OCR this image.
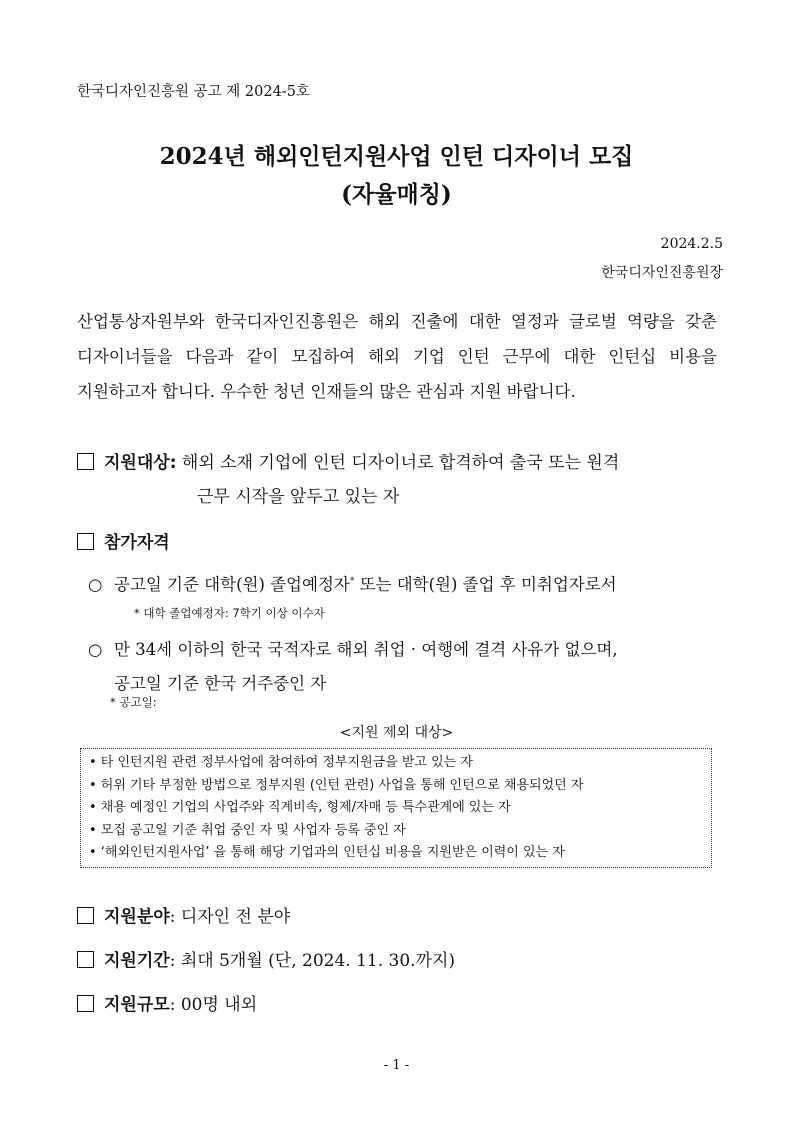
한국디자인진흥원 공고 제 2024-5호
2024년 해외인턴지원사업 인턴 디자이너 모집
(자율매칭)
2024.2.5
한국디자인진흥원장
산업통상자원부와 한국디자인진흥원은 해외 진출에 대한 열정과 글로벌 역량을 갖춘 디자이너들을 다음과 같이 모집하여 해외 기업 인턴 근무에 대한 인턴십 비용을 지원하고자 합니다. 우수한 청년 인재들의 많은 관심과 지원 바랍니다.
지원대상: 해외 소재 기업에 인턴 디자이너로 합격하여 출국 또는 원격
근무 시작을 앞두고 있는 자
참가자격
○ 공고일 기준 대학(원) 졸업예정자* 또는 대학(원) 졸업 후 미취업자로서
* 대학 졸업예정자: 7학기 이상 이수자
○ 만 34세 이하의 한국 국적자로 해외 취업 · 여행에 결격 사유가 없으며,
공고일 기준 한국 거주중인 자
* 공고일:
<지원 제외 대상>
• 타 인턴지원 관련 정부사업에 참여하여 정부지원금을 받고 있는 자
• 허위 기타 부정한 방법으로 정부지원 (인턴 관련) 사업을 통해 인턴으로 채용되었던 자
• 채용 예정인 기업의 사업주와 직계비속, 형제/자매 등 특수관계에 있는 자
• 모집 공고일 기준 취업 중인 자 및 사업자 등록 중인 자
• ‘해외인턴지원사업’ 을 통해 해당 기업과의 인턴십 비용을 지원받은 이력이 있는 자
지원분야: 디자인 전 분야
지원기간: 최대 5개월 (단, 2024. 11. 30.까지)
지원규모: 00명 내외
- 1 -
